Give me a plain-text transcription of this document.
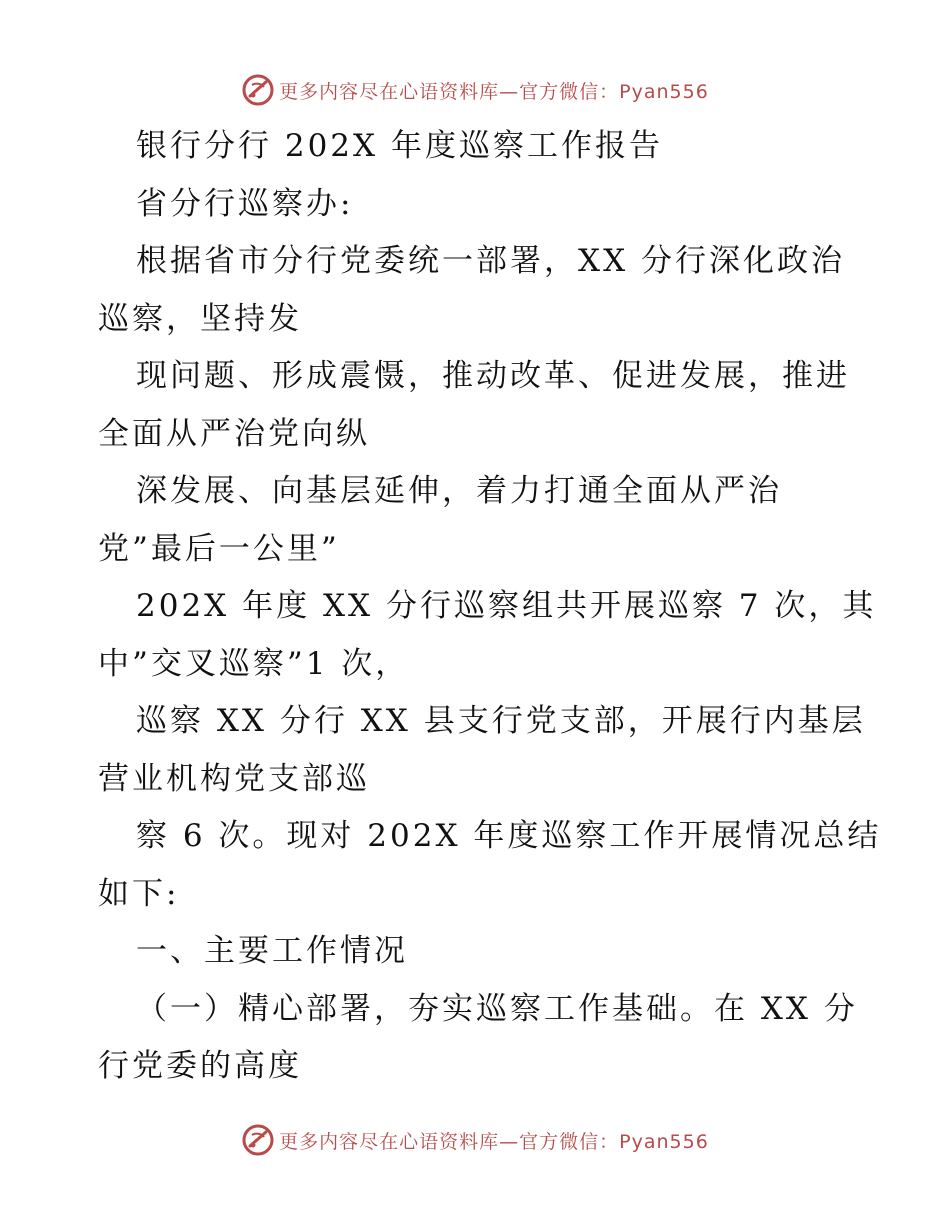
更多内容尽在心语资料库—官方微信：Pyan556
银行分行 202X 年度巡察工作报告
省分行巡察办:
根据省市分行党委统一部署，XX 分行深化政治
巡察，坚持发
现问题、形成震慑，推动改革、促进发展，推进
全面从严治党向纵
深发展、向基层延伸，着力打通全面从严治
党”最后一公里”
202X 年度 XX 分行巡察组共开展巡察 7 次，其
中”交叉巡察”1 次，
巡察 XX 分行 XX 县支行党支部，开展行内基层
营业机构党支部巡
察 6 次。现对 202X 年度巡察工作开展情况总结
如下:
一、主要工作情况
（一）精心部署，夯实巡察工作基础。在 XX 分
行党委的高度
更多内容尽在心语资料库—官方微信：Pyan556
